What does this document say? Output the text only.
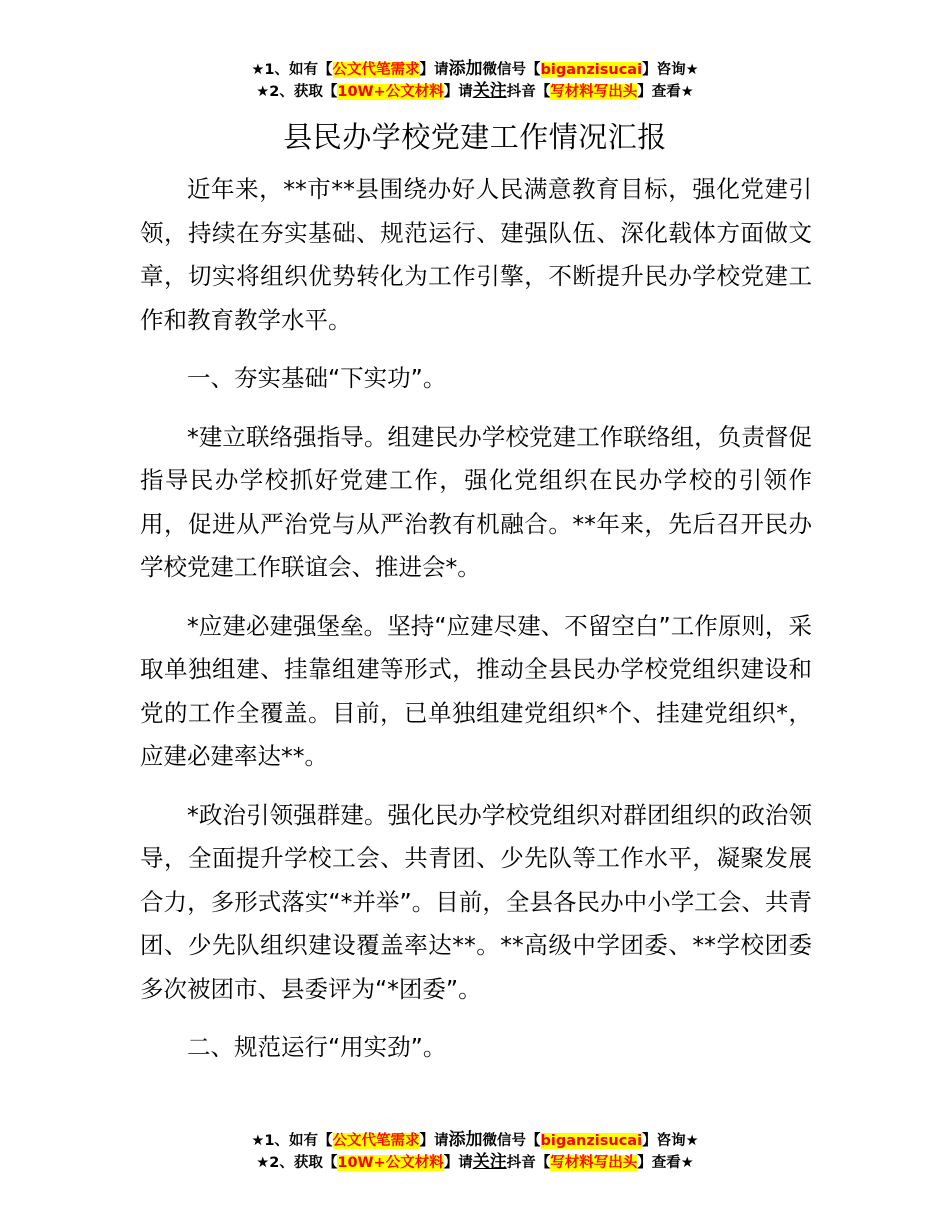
★1、如有【公文代笔需求】请添加微信号【biganzisucai】咨询★
★2、获取【10W+公文材料】请关注抖音【写材料写出头】查看★
县民办学校党建工作情况汇报

近年来，**市**县围绕办好人民满意教育目标，强化党建引领，持续在夯实基础、规范运行、建强队伍、深化载体方面做文章，切实将组织优势转化为工作引擎，不断提升民办学校党建工作和教育教学水平。

一、夯实基础“下实功”。

*建立联络强指导。组建民办学校党建工作联络组，负责督促指导民办学校抓好党建工作，强化党组织在民办学校的引领作用，促进从严治党与从严治教有机融合。**年来，先后召开民办学校党建工作联谊会、推进会*。

*应建必建强堡垒。坚持“应建尽建、不留空白”工作原则，采取单独组建、挂靠组建等形式，推动全县民办学校党组织建设和党的工作全覆盖。目前，已单独组建党组织*个、挂建党组织*，应建必建率达**。

*政治引领强群建。强化民办学校党组织对群团组织的政治领导，全面提升学校工会、共青团、少先队等工作水平，凝聚发展合力，多形式落实“*并举”。目前，全县各民办中小学工会、共青团、少先队组织建设覆盖率达**。**高级中学团委、**学校团委多次被团市、县委评为“*团委”。

二、规范运行“用实劲”。

★1、如有【公文代笔需求】请添加微信号【biganzisucai】咨询★
★2、获取【10W+公文材料】请关注抖音【写材料写出头】查看★
